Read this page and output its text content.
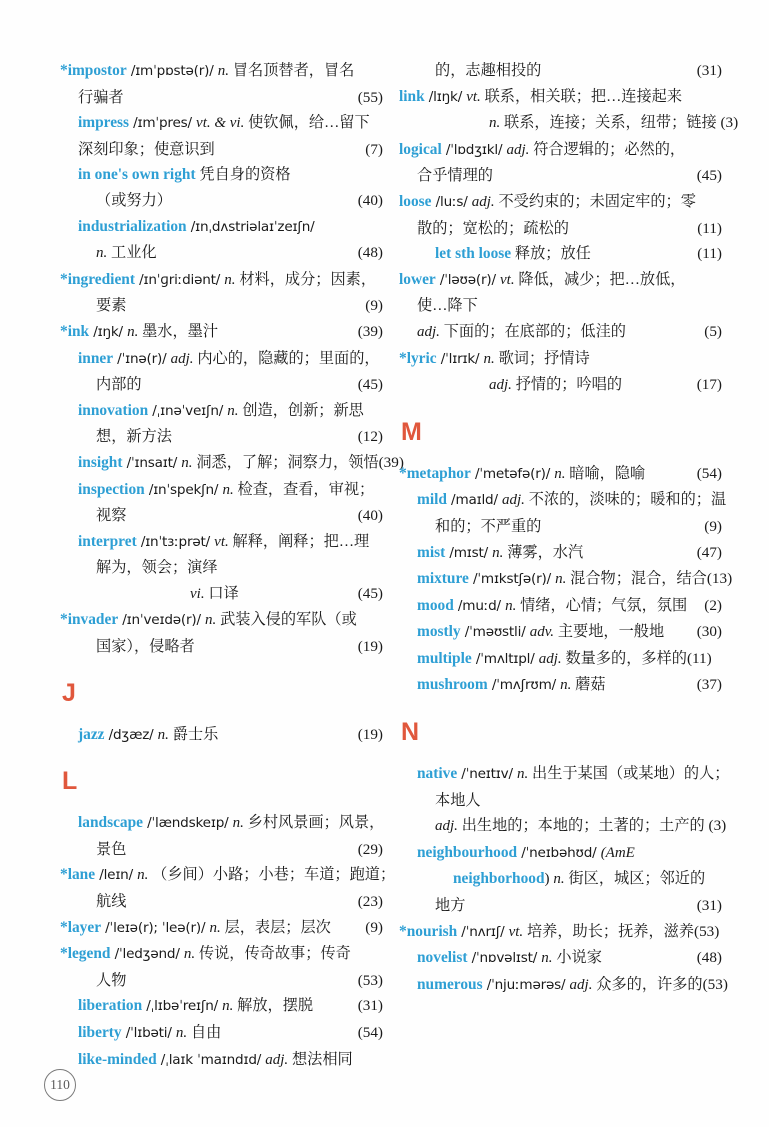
*impostor /ɪmˈpɒstə(r)/ n. 冒名顶替者，冒名
行骗者	(55)
impress /ɪmˈpres/ vt. & vi. 使钦佩，给…留下
深刻印象；使意识到	(7)
in one's own right 凭自身的资格
（或努力）	(40)
industrialization /ɪnˌdʌstriəlaɪˈzeɪʃn/
n. 工业化	(48)
*ingredient /ɪnˈɡriːdiənt/ n. 材料，成分；因素，
要素	(9)
*ink /ɪŋk/ n. 墨水，墨汁	(39)
inner /ˈɪnə(r)/ adj. 内心的，隐藏的；里面的，
内部的	(45)
innovation /ˌɪnəˈveɪʃn/ n. 创造，创新；新思
想，新方法	(12)
insight /ˈɪnsaɪt/ n. 洞悉，了解；洞察力，领悟(39)
inspection /ɪnˈspekʃn/ n. 检查，查看，审视；
视察	(40)
interpret /ɪnˈtɜːprət/ vt. 解释，阐释；把…理
解为，领会；演绎
vi. 口译	(45)
*invader /ɪnˈveɪdə(r)/ n. 武装入侵的军队（或
国家），侵略者	(19)
J
jazz /dʒæz/ n. 爵士乐	(19)
L
landscape /ˈlændskeɪp/ n. 乡村风景画；风景，
景色	(29)
*lane /leɪn/ n. （乡间）小路；小巷；车道；跑道；
航线	(23)
*layer /ˈleɪə(r); ˈleə(r)/ n. 层，表层；层次 (9)
*legend /ˈledʒənd/ n. 传说，传奇故事；传奇
人物	(53)
liberation /ˌlɪbəˈreɪʃn/ n. 解放，摆脱	(31)
liberty /ˈlɪbəti/ n. 自由	(54)
like-minded /ˌlaɪk ˈmaɪndɪd/ adj. 想法相同
的，志趣相投的	(31)
link /lɪŋk/ vt. 联系，相关联；把…连接起来
n. 联系，连接；关系，纽带；链接 (3)
logical /ˈlɒdʒɪkl/ adj. 符合逻辑的；必然的，
合乎情理的	(45)
loose /luːs/ adj. 不受约束的；未固定牢的；零
散的；宽松的；疏松的	(11)
let sth loose 释放；放任	(11)
lower /ˈləʊə(r)/ vt. 降低，减少；把…放低，
使…降下
adj. 下面的；在底部的；低洼的	(5)
*lyric /ˈlɪrɪk/ n. 歌词；抒情诗
adj. 抒情的；吟唱的	(17)
M
*metaphor /ˈmetəfə(r)/ n. 暗喻，隐喻	(54)
mild /maɪld/ adj. 不浓的，淡味的；暖和的；温
和的；不严重的	(9)
mist /mɪst/ n. 薄雾，水汽	(47)
mixture /ˈmɪkstʃə(r)/ n. 混合物；混合，结合(13)
mood /muːd/ n. 情绪，心情；气氛，氛围 (2)
mostly /ˈməʊstli/ adv. 主要地，一般地 (30)
multiple /ˈmʌltɪpl/ adj. 数量多的，多样的(11)
mushroom /ˈmʌʃrʊm/ n. 蘑菇	(37)
N
native /ˈneɪtɪv/ n. 出生于某国（或某地）的人；
本地人
adj. 出生地的；本地的；土著的；土产的 (3)
neighbourhood /ˈneɪbəhʊd/ (AmE
neighborhood) n. 街区，城区；邻近的
地方	(31)
*nourish /ˈnʌrɪʃ/ vt. 培养，助长；抚养，滋养(53)
novelist /ˈnɒvəlɪst/ n. 小说家	(48)
numerous /ˈnjuːmərəs/ adj. 众多的，许多的(53)
110
